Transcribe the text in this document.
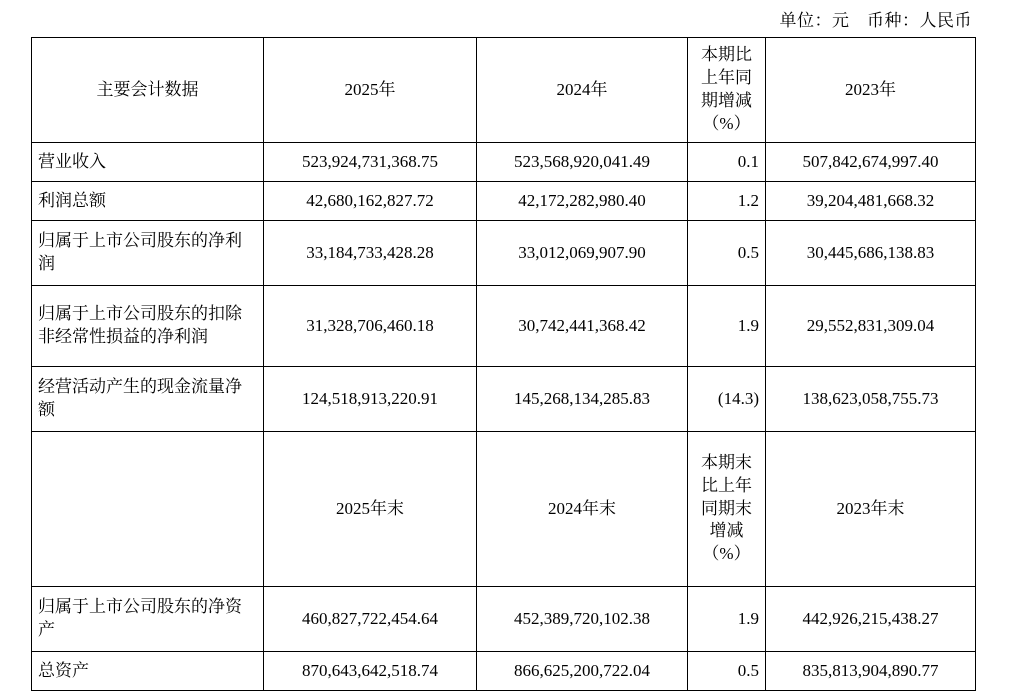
单位：元　币种：人民币
主要会计数据	2025年	2024年	本期比上年同期增减（%）	2023年
营业收入	523,924,731,368.75	523,568,920,041.49	0.1	507,842,674,997.40
利润总额	42,680,162,827.72	42,172,282,980.40	1.2	39,204,481,668.32
归属于上市公司股东的净利润	33,184,733,428.28	33,012,069,907.90	0.5	30,445,686,138.83
归属于上市公司股东的扣除非经常性损益的净利润	31,328,706,460.18	30,742,441,368.42	1.9	29,552,831,309.04
经营活动产生的现金流量净额	124,518,913,220.91	145,268,134,285.83	(14.3)	138,623,058,755.73
	2025年末	2024年末	本期末比上年同期末增减（%）	2023年末
归属于上市公司股东的净资产	460,827,722,454.64	452,389,720,102.38	1.9	442,926,215,438.27
总资产	870,643,642,518.74	866,625,200,722.04	0.5	835,813,904,890.77
